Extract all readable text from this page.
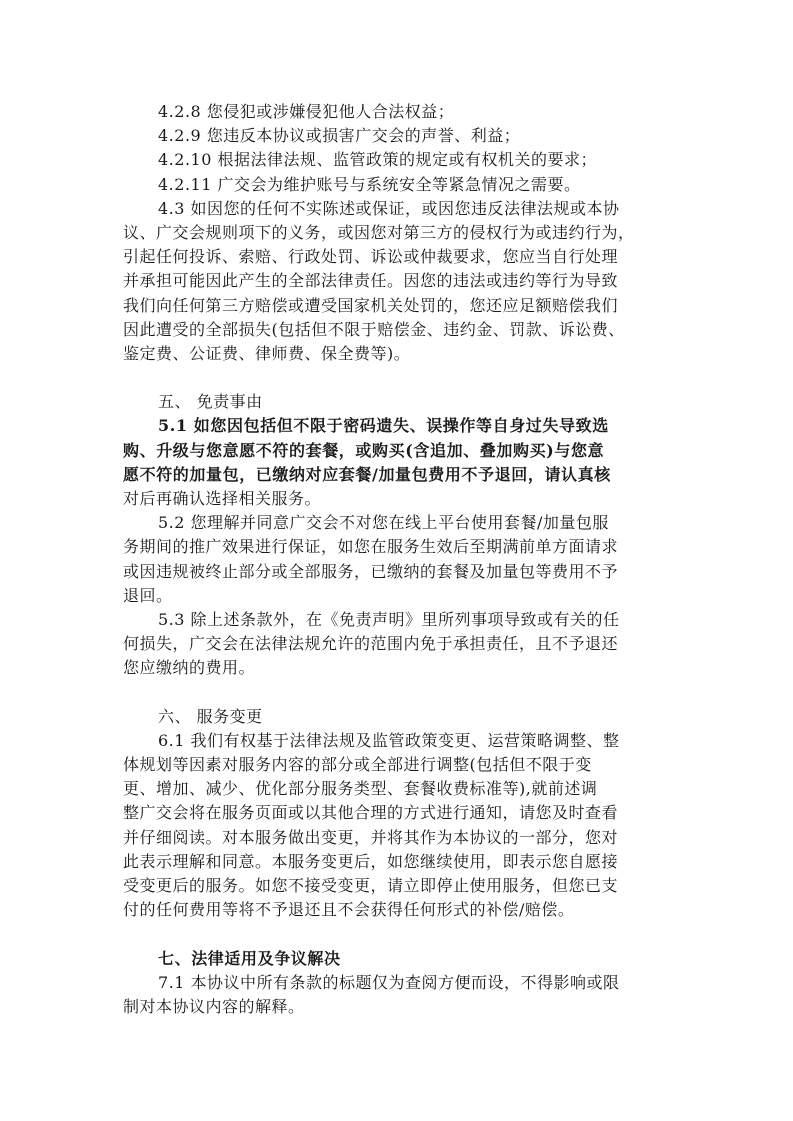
4.2.8 您侵犯或涉嫌侵犯他人合法权益；
4.2.9 您违反本协议或损害广交会的声誉、利益；
4.2.10 根据法律法规、监管政策的规定或有权机关的要求；
4.2.11 广交会为维护账号与系统安全等紧急情况之需要。
4.3 如因您的任何不实陈述或保证，或因您违反法律法规或本协
议、广交会规则项下的义务，或因您对第三方的侵权行为或违约行为，
引起任何投诉、索赔、行政处罚、诉讼或仲裁要求，您应当自行处理
并承担可能因此产生的全部法律责任。因您的违法或违约等行为导致
我们向任何第三方赔偿或遭受国家机关处罚的，您还应足额赔偿我们
因此遭受的全部损失(包括但不限于赔偿金、违约金、罚款、诉讼费、
鉴定费、公证费、律师费、保全费等)。
五、 免责事由
5.1 如您因包括但不限于密码遗失、误操作等自身过失导致选
购、升级与您意愿不符的套餐，或购买(含追加、叠加购买)与您意
愿不符的加量包，已缴纳对应套餐/加量包费用不予退回，请认真核
对后再确认选择相关服务。
5.2 您理解并同意广交会不对您在线上平台使用套餐/加量包服
务期间的推广效果进行保证，如您在服务生效后至期满前单方面请求
或因违规被终止部分或全部服务，已缴纳的套餐及加量包等费用不予
退回。
5.3 除上述条款外，在《免责声明》里所列事项导致或有关的任
何损失，广交会在法律法规允许的范围内免于承担责任，且不予退还
您应缴纳的费用。
六、 服务变更
6.1 我们有权基于法律法规及监管政策变更、运营策略调整、整
体规划等因素对服务内容的部分或全部进行调整(包括但不限于变
更、增加、减少、优化部分服务类型、套餐收费标准等),就前述调
整广交会将在服务页面或以其他合理的方式进行通知，请您及时查看
并仔细阅读。对本服务做出变更，并将其作为本协议的一部分，您对
此表示理解和同意。本服务变更后，如您继续使用，即表示您自愿接
受变更后的服务。如您不接受变更，请立即停止使用服务，但您已支
付的任何费用等将不予退还且不会获得任何形式的补偿/赔偿。
七、法律适用及争议解决
7.1 本协议中所有条款的标题仅为查阅方便而设，不得影响或限
制对本协议内容的解释。
